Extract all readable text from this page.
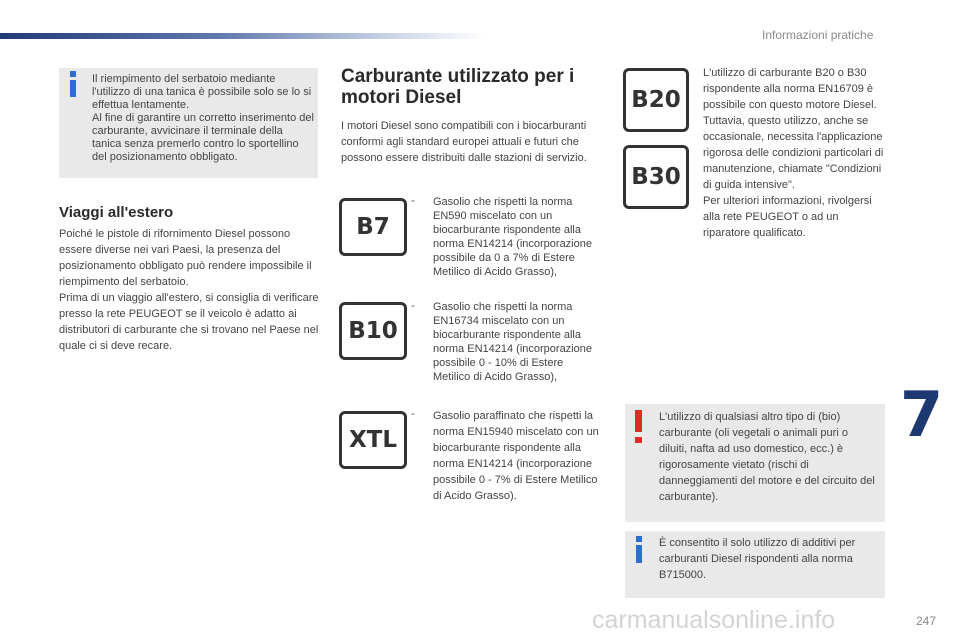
Informazioni pratiche
Il riempimento del serbatoio mediante l'utilizzo di una tanica è possibile solo se lo si effettua lentamente.
Al fine di garantire un corretto inserimento del carburante, avvicinare il terminale della tanica senza premerlo contro lo sportellino del posizionamento obbligato.
Viaggi all'estero
Poiché le pistole di rifornimento Diesel possono essere diverse nei vari Paesi, la presenza del posizionamento obbligato può rendere impossibile il riempimento del serbatoio.
Prima di un viaggio all'estero, si consiglia di verificare presso la rete PEUGEOT se il veicolo è adatto ai distributori di carburante che si trovano nel Paese nel quale ci si deve recare.
Carburante utilizzato per i motori Diesel
I motori Diesel sono compatibili con i biocarburanti conformi agli standard europei attuali e futuri che possono essere distribuiti dalle stazioni di servizio.
B7
- Gasolio che rispetti la norma EN590 miscelato con un biocarburante rispondente alla norma EN14214 (incorporazione possibile da 0 a 7% di Estere Metilico di Acido Grasso),
B10
- Gasolio che rispetti la norma EN16734 miscelato con un biocarburante rispondente alla norma EN14214 (incorporazione possibile 0 - 10% di Estere Metilico di Acido Grasso),
XTL
- Gasolio paraffinato che rispetti la norma EN15940 miscelato con un biocarburante rispondente alla norma EN14214 (incorporazione possibile 0 - 7% di Estere Metilico di Acido Grasso).
B20
B30
L'utilizzo di carburante B20 o B30 rispondente alla norma EN16709 è possibile con questo motore Diesel. Tuttavia, questo utilizzo, anche se occasionale, necessita l'applicazione rigorosa delle condizioni particolari di manutenzione, chiamate "Condizioni di guida intensive".
Per ulteriori informazioni, rivolgersi alla rete PEUGEOT o ad un riparatore qualificato.
L'utilizzo di qualsiasi altro tipo di (bio) carburante (oli vegetali o animali puri o diluiti, nafta ad uso domestico, ecc.) è rigorosamente vietato (rischi di danneggiamenti del motore e del circuito del carburante).
È consentito il solo utilizzo di additivi per carburanti Diesel rispondenti alla norma B715000.
7
carmanualsonline.info	247
